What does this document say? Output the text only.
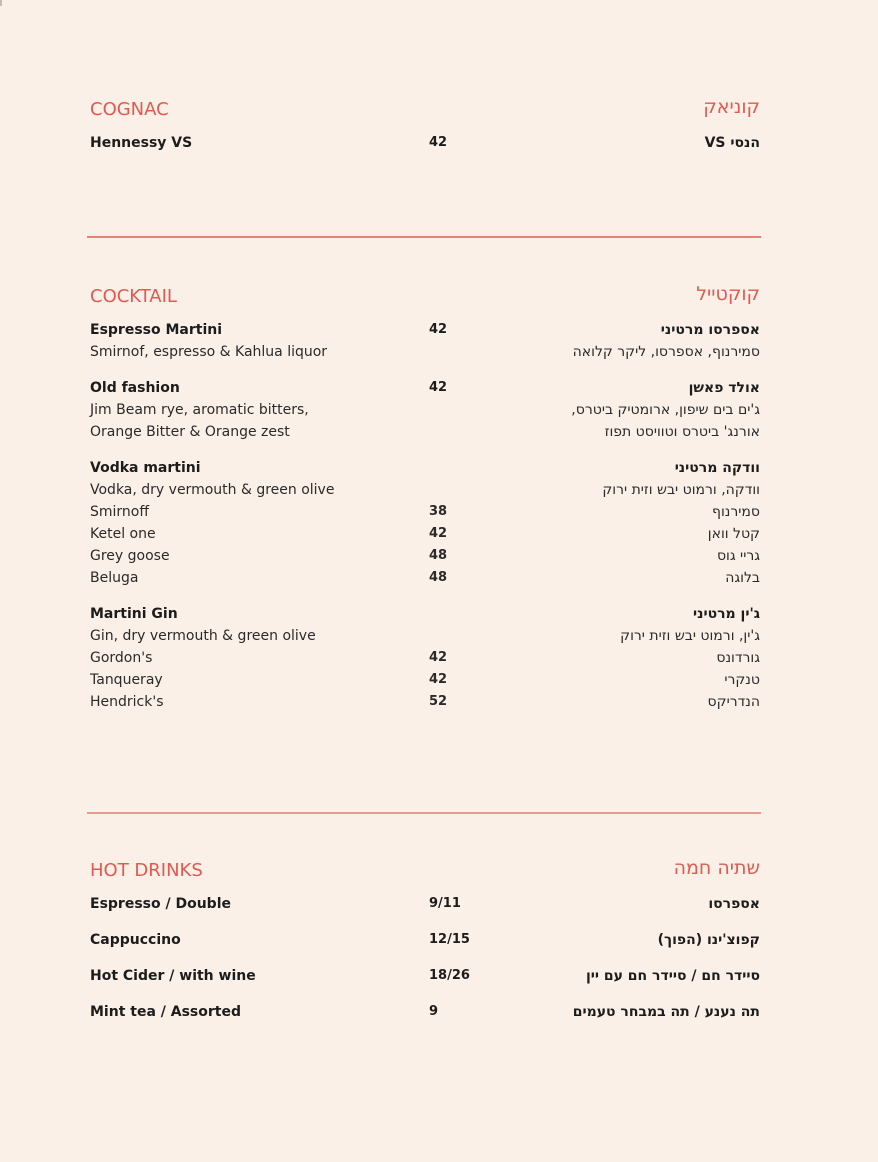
COGNAC	קוניאק
Hennessy VS	42	הנסי VS
COCKTAIL	קוקטייל
Espresso Martini	42	אספרסו מרטיני
Smirnof, espresso & Kahlua liquor	סמירנוף, אספרסו, ליקר קלואה
Old fashion	42	אולד פאשן
Jim Beam rye, aromatic bitters,	ג'ים בים שיפון, ארומטיק ביטרס,
Orange Bitter & Orange zest	אורנג' ביטרס וטוויסט תפוז
Vodka martini	וודקה מרטיני
Vodka, dry vermouth & green olive	וודקה, ורמוט יבש וזית ירוק
Smirnoff	38	סמירנוף
Ketel one	42	קטל וואן
Grey goose	48	גריי גוס
Beluga	48	בלוגה
Martini Gin	ג'ין מרטיני
Gin, dry vermouth & green olive	ג'ין, ורמוט יבש וזית ירוק
Gordon's	42	גורדונס
Tanqueray	42	טנקרי
Hendrick's	52	הנדריקס
HOT DRINKS	שתיה חמה
Espresso / Double	9/11	אספרסו
Cappuccino	12/15	קפוצ'ינו (הפוך)
Hot Cider / with wine	18/26	סיידר חם / סיידר חם עם יין
Mint tea / Assorted	9	תה נענע / תה במבחר טעמים
